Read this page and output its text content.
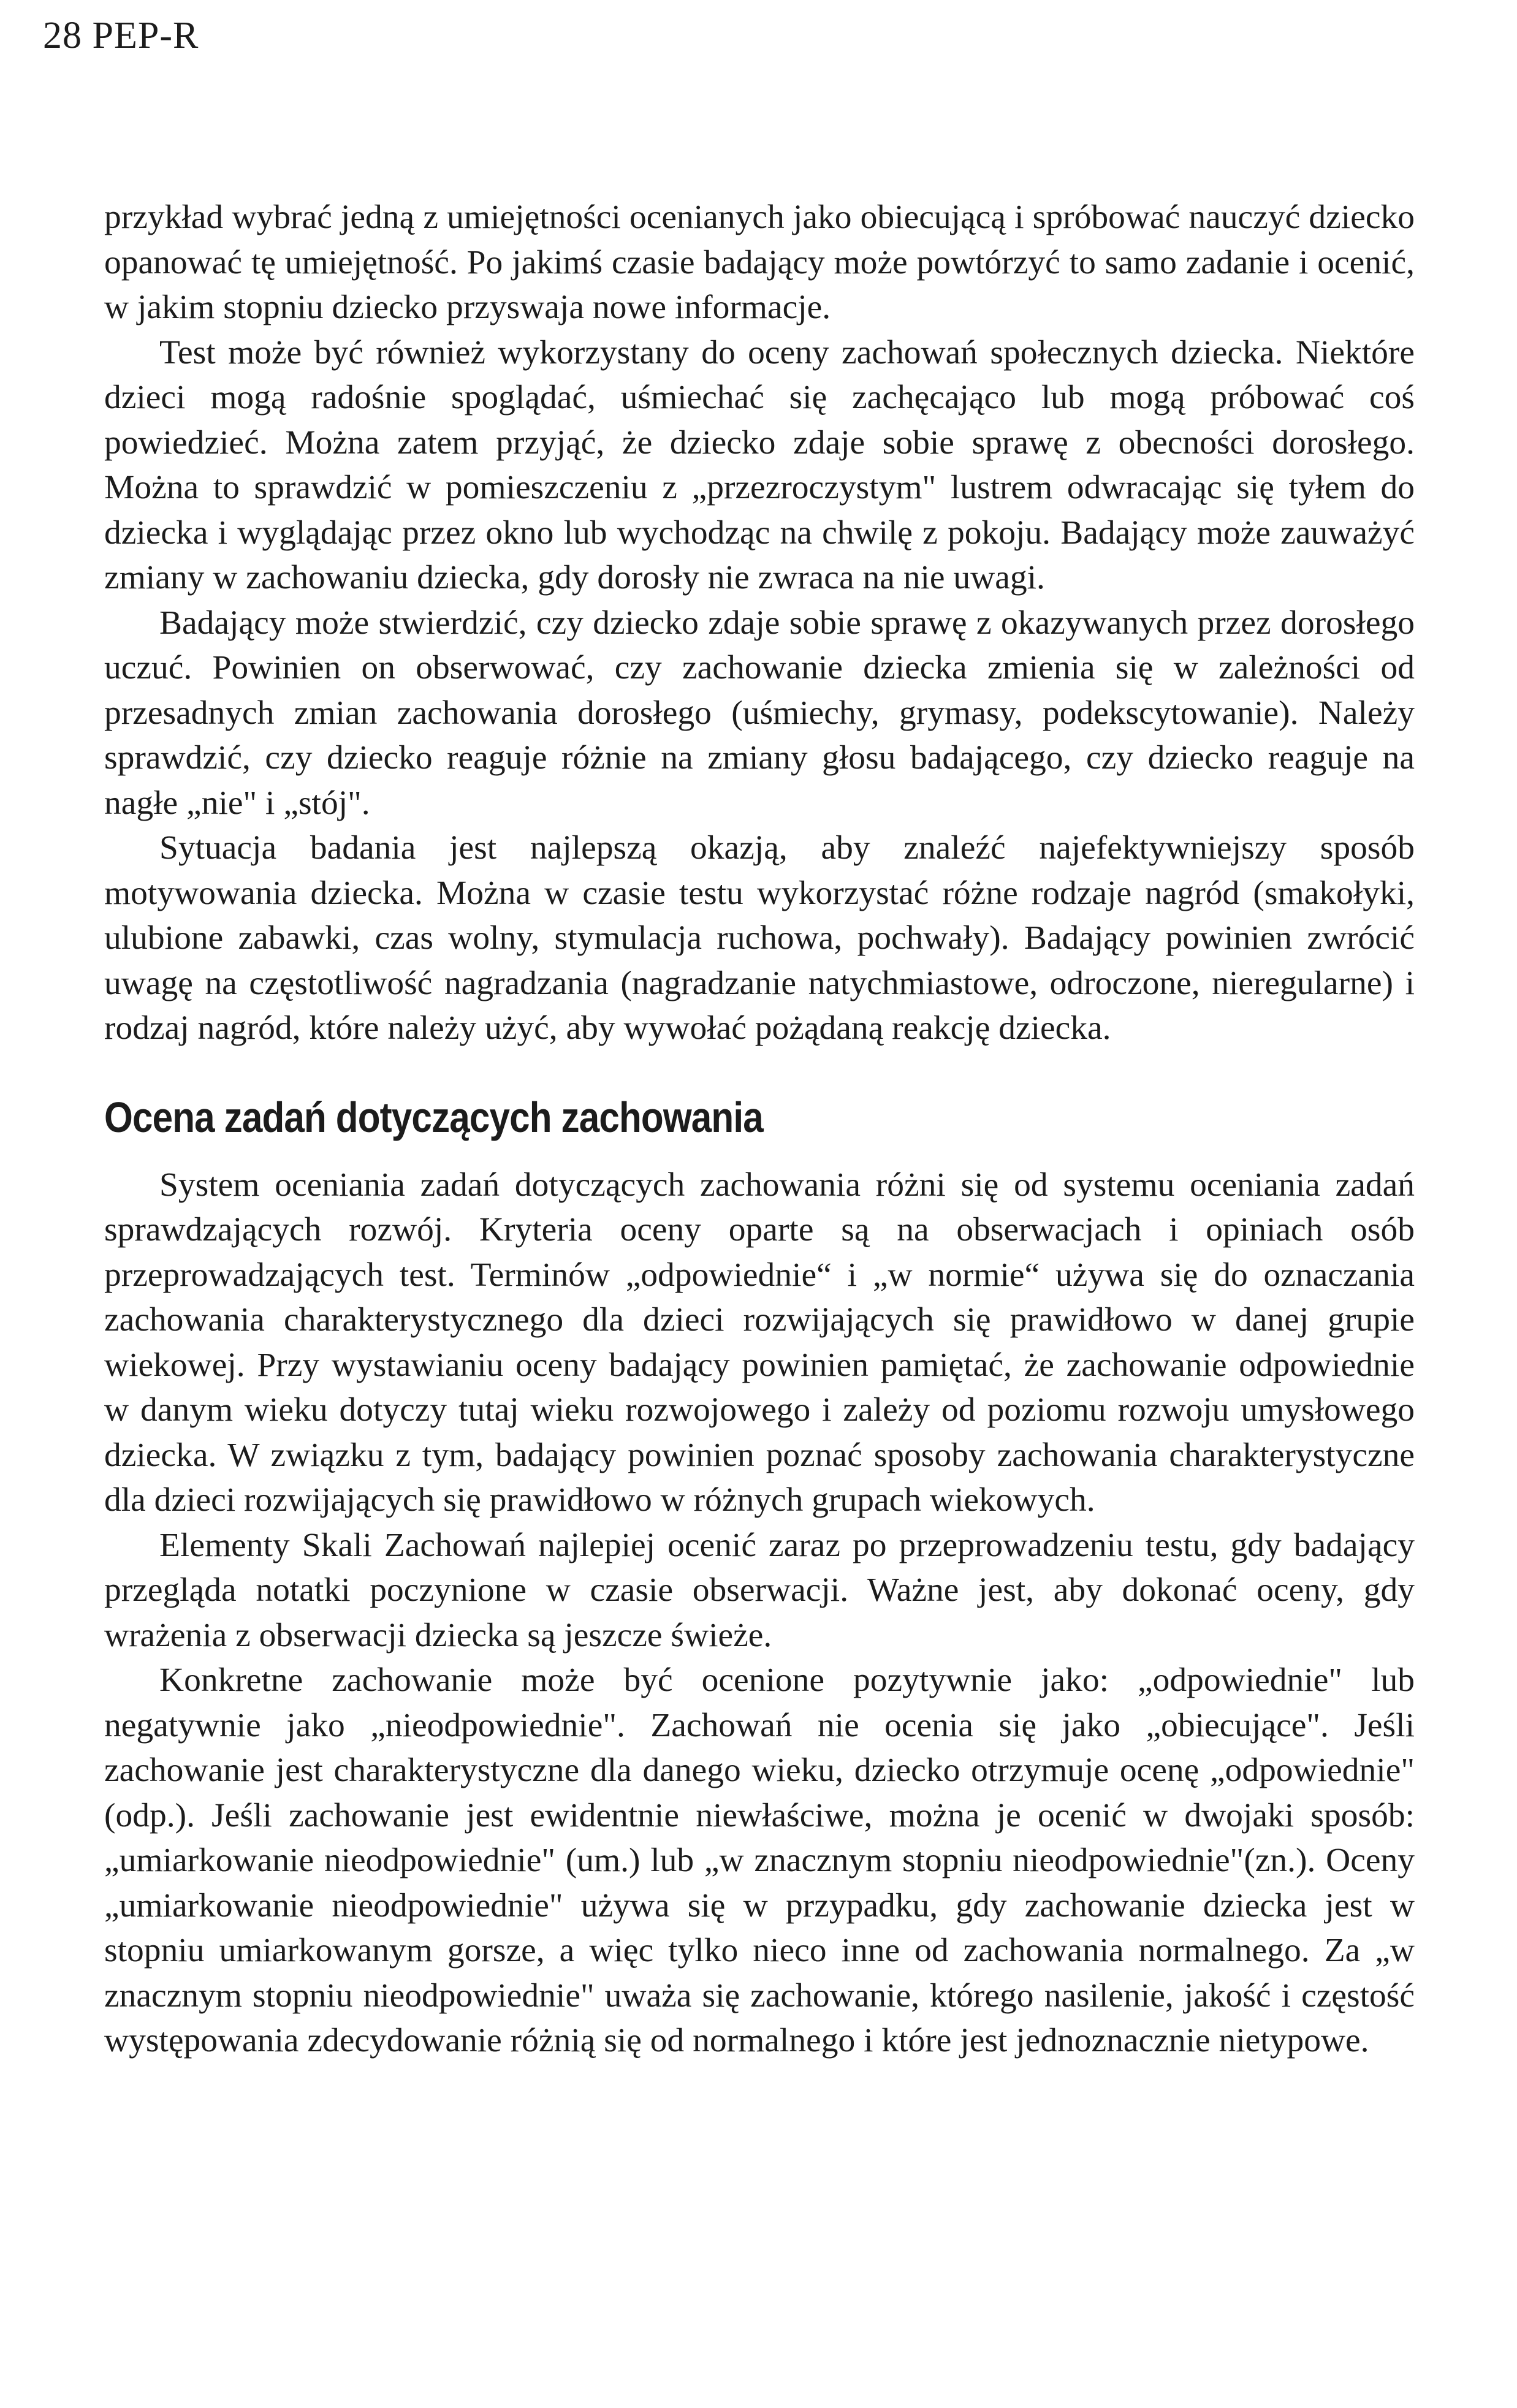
28 PEP-R

przykład wybrać jedną z umiejętności ocenianych jako obiecującą i spróbować nauczyć dziecko opanować tę umiejętność. Po jakimś czasie badający może powtórzyć to samo zadanie i ocenić, w jakim stopniu dziecko przyswaja nowe informacje.

Test może być również wykorzystany do oceny zachowań społecznych dziecka. Niektóre dzieci mogą radośnie spoglądać, uśmiechać się zachęcająco lub mogą próbować coś powiedzieć. Można zatem przyjąć, że dziecko zdaje sobie sprawę z obecności dorosłego. Można to sprawdzić w pomieszczeniu z „przezroczystym" lustrem odwracając się tyłem do dziecka i wyglądając przez okno lub wychodząc na chwilę z pokoju. Badający może zauważyć zmiany w zachowaniu dziecka, gdy dorosły nie zwraca na nie uwagi.

Badający może stwierdzić, czy dziecko zdaje sobie sprawę z okazywanych przez dorosłego uczuć. Powinien on obserwować, czy zachowanie dziecka zmienia się w zależności od przesadnych zmian zachowania dorosłego (uśmiechy, grymasy, podekscytowanie). Należy sprawdzić, czy dziecko reaguje różnie na zmiany głosu badającego, czy dziecko reaguje na nagłe „nie" i „stój".

Sytuacja badania jest najlepszą okazją, aby znaleźć najefektywniejszy sposób motywowania dziecka. Można w czasie testu wykorzystać różne rodzaje nagród (smakołyki, ulubione zabawki, czas wolny, stymulacja ruchowa, pochwały). Badający powinien zwrócić uwagę na częstotliwość nagradzania (nagradzanie natychmiastowe, odroczone, nieregularne) i rodzaj nagród, które należy użyć, aby wywołać pożądaną reakcję dziecka.

Ocena zadań dotyczących zachowania

System oceniania zadań dotyczących zachowania różni się od systemu oceniania zadań sprawdzających rozwój. Kryteria oceny oparte są na obserwacjach i opiniach osób przeprowadzających test. Terminów „odpowiednie“ i „w normie“ używa się do oznaczania zachowania charakterystycznego dla dzieci rozwijających się prawidłowo w danej grupie wiekowej. Przy wystawianiu oceny badający powinien pamiętać, że zachowanie odpowiednie w danym wieku dotyczy tutaj wieku rozwojowego i zależy od poziomu rozwoju umysłowego dziecka. W związku z tym, badający powinien poznać sposoby zachowania charakterystyczne dla dzieci rozwijających się prawidłowo w różnych grupach wiekowych.

Elementy Skali Zachowań najlepiej ocenić zaraz po przeprowadzeniu testu, gdy badający przegląda notatki poczynione w czasie obserwacji. Ważne jest, aby dokonać oceny, gdy wrażenia z obserwacji dziecka są jeszcze świeże.

Konkretne zachowanie może być ocenione pozytywnie jako: „odpowiednie" lub negatywnie jako „nieodpowiednie". Zachowań nie ocenia się jako „obiecujące". Jeśli zachowanie jest charakterystyczne dla danego wieku, dziecko otrzymuje ocenę „odpowiednie" (odp.). Jeśli zachowanie jest ewidentnie niewłaściwe, można je ocenić w dwojaki sposób: „umiarkowanie nieodpowiednie" (um.) lub „w znacznym stopniu nieodpowiednie"(zn.). Oceny „umiarkowanie nieodpowiednie" używa się w przypadku, gdy zachowanie dziecka jest w stopniu umiarkowanym gorsze, a więc tylko nieco inne od zachowania normalnego. Za „w znacznym stopniu nieodpowiednie" uważa się zachowanie, którego nasilenie, jakość i częstość występowania zdecydowanie różnią się od normalnego i które jest jednoznacznie nietypowe.
